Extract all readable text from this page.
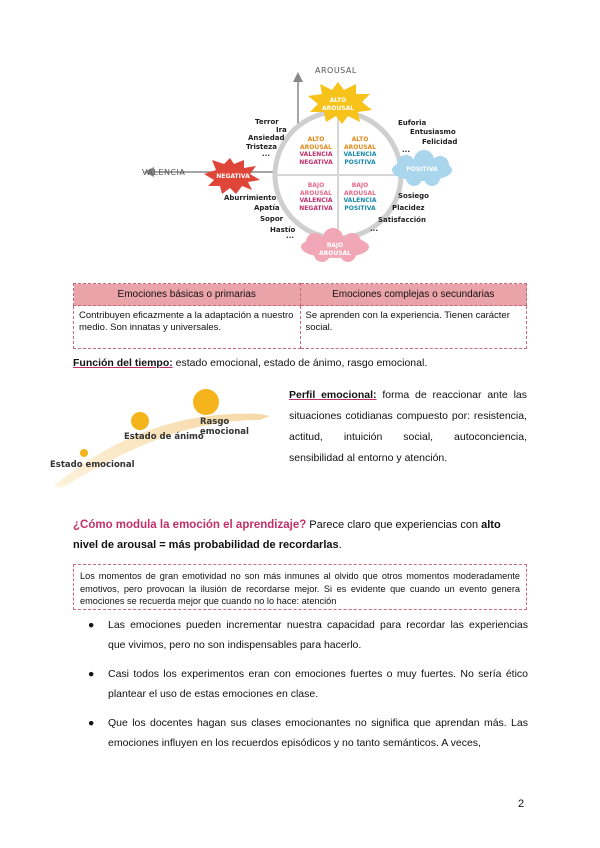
AROUSAL
VALENCIA
ALTO AROUSAL
NEGATIVA
POSITIVA
BAJO AROUSAL
ALTO
AROUSAL
VALENCIA
NEGATIVA
ALTO
AROUSAL
VALENCIA
POSITIVA
BAJO
AROUSAL
VALENCIA
NEGATIVA
BAJO
AROUSAL
VALENCIA
POSITIVA
Terror
Ira
Ansiedad
Tristeza
...
Euforia
Entusiasmo
Felicidad
...
Aburrimiento
Apatía
Sopor
Hastío
...
Sosiego
Placidez
Satisfacción
...
Emociones básicas o primarias	Emociones complejas o secundarias
Contribuyen eficazmente a la adaptación a nuestro medio. Son innatas y universales.	Se aprenden con la experiencia. Tienen carácter social.
Función del tiempo: estado emocional, estado de ánimo, rasgo emocional.
Estado emocional
Estado de ánimo
Rasgo emocional
Perfil emocional: forma de reaccionar ante las situaciones cotidianas compuesto por: resistencia, actitud, intuición social, autoconciencia, sensibilidad al entorno y atención.
¿Cómo modula la emoción el aprendizaje? Parece claro que experiencias con alto nivel de arousal = más probabilidad de recordarlas.
Los momentos de gran emotividad no son más inmunes al olvido que otros momentos moderadamente emotivos, pero provocan la ilusión de recordarse mejor. Si es evidente que cuando un evento genera emociones se recuerda mejor que cuando no lo hace: atención
● Las emociones pueden incrementar nuestra capacidad para recordar las experiencias que vivimos, pero no son indispensables para hacerlo.
● Casi todos los experimentos eran con emociones fuertes o muy fuertes. No sería ético plantear el uso de estas emociones en clase.
● Que los docentes hagan sus clases emocionantes no significa que aprendan más. Las emociones influyen en los recuerdos episódicos y no tanto semánticos. A veces,
2
